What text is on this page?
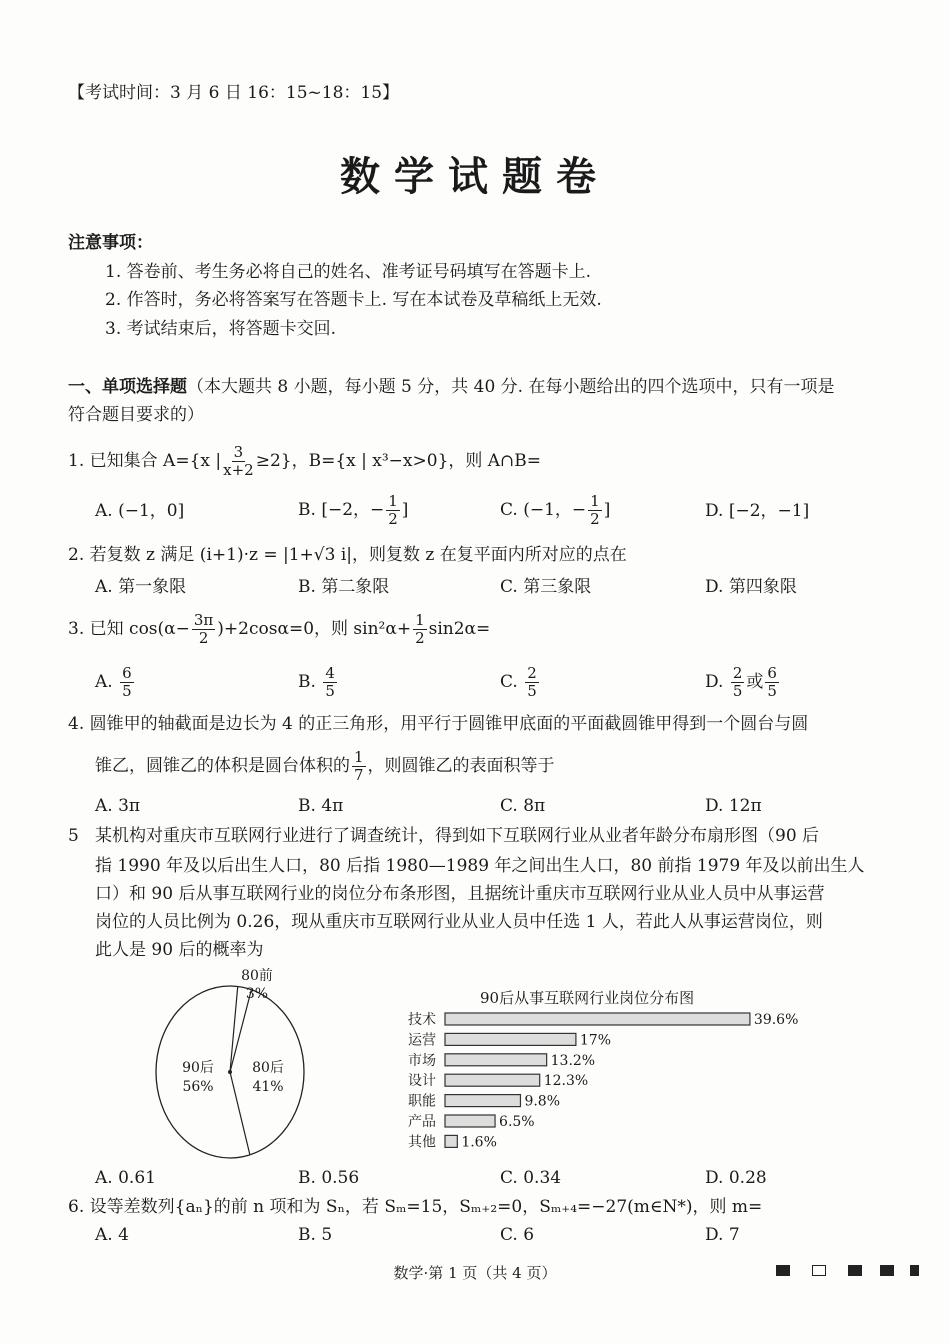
【考试时间：3 月 6 日 16：15~18：15】
数学试题卷
注意事项：
1. 答卷前、考生务必将自己的姓名、准考证号码填写在答题卡上.
2. 作答时，务必将答案写在答题卡上. 写在本试卷及草稿纸上无效.
3. 考试结束后，将答题卡交回.
一、单项选择题（本大题共 8 小题，每小题 5 分，共 40 分. 在每小题给出的四个选项中，只有一项是
符合题目要求的）
1. 已知集合 A={x | $\frac{3}{x+2} \ge 2$}，B={x | x³−x>0}，则 A∩B=
A. (−1，0]	B. [−2，− $\frac{1}{2}$ ]	C. (−1，− $\frac{1}{2}$ ]	D. [−2，−1]
2. 若复数 z 满足 (i+1)·z = |1+√3 i|，则复数 z 在复平面内所对应的点在
A. 第一象限	B. 第二象限	C. 第三象限	D. 第四象限
3. 已知 $\cos(\alpha- \frac{3\pi}{2} )+2\cos\alpha=0$，则 $\sin^2\alpha+ \frac{1}{2} \sin 2\alpha=$
A. $\frac{6}{5}$	B. $\frac{4}{5}$	C. $\frac{2}{5}$	D. $\frac{2}{5}$ 或 $\frac{6}{5}$
4. 圆锥甲的轴截面是边长为 4 的正三角形，用平行于圆锥甲底面的平面截圆锥甲得到一个圆台与圆
锥乙，圆锥乙的体积是圆台体积的 $\frac{1}{7}$ ，则圆锥乙的表面积等于
A. 3π	B. 4π	C. 8π	D. 12π
5 某机构对重庆市互联网行业进行了调查统计，得到如下互联网行业从业者年龄分布扇形图（90 后
指 1990 年及以后出生人口，80 后指 1980—1989 年之间出生人口，80 前指 1979 年及以前出生人
口）和 90 后从事互联网行业的岗位分布条形图，且据统计重庆市互联网行业从业人员中从事运营
岗位的人员比例为 0.26，现从重庆市互联网行业从业人员中任选 1 人，若此人从事运营岗位，则
此人是 90 后的概率为
80前
3%
80后
41%
90后
56%
90后从事互联网行业岗位分布图
技术	39.6%
运营	17%
市场	13.2%
设计	12.3%
职能	9.8%
产品	6.5%
其他 1.6%
A. 0.61	B. 0.56	C. 0.34	D. 0.28
6. 设等差数列{aₙ}的前 n 项和为 Sₙ，若 Sₘ=15，Sₘ₊₂=0，Sₘ₊₄=−27(m∈N*)，则 m=
A. 4	B. 5	C. 6	D. 7
数学·第 1 页（共 4 页）
